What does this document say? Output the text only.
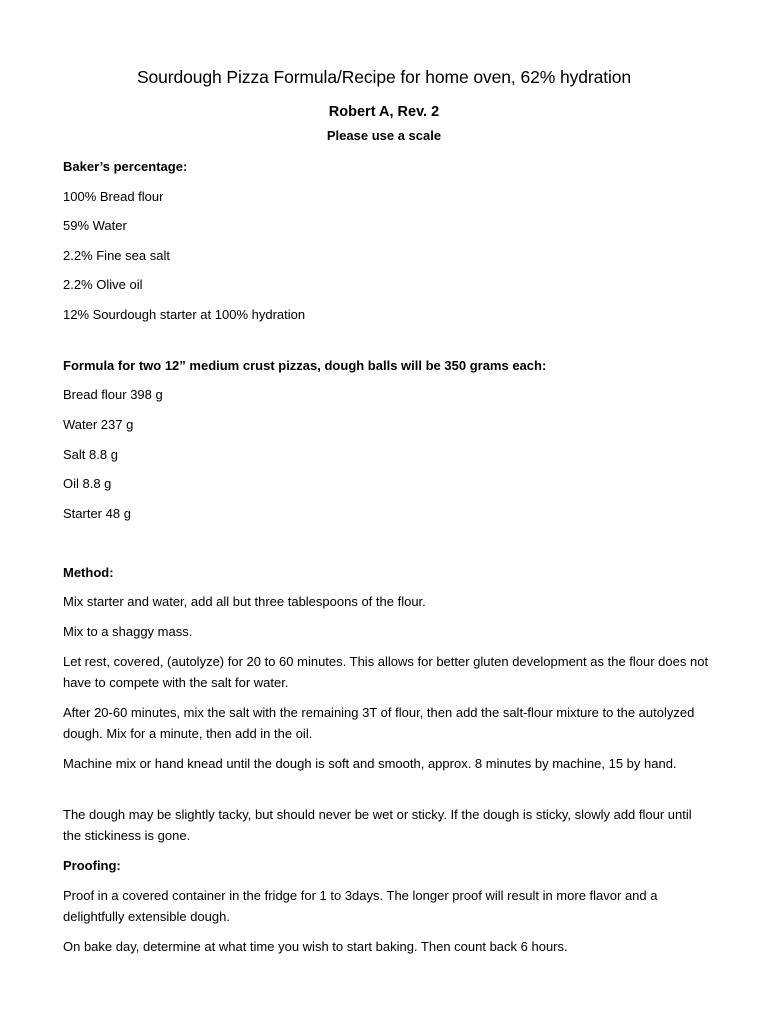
Sourdough Pizza Formula/Recipe for home oven, 62% hydration
Robert A, Rev. 2
Please use a scale
Baker’s percentage:
100% Bread flour
59% Water
2.2% Fine sea salt
2.2% Olive oil
12% Sourdough starter at 100% hydration
Formula for two 12” medium crust pizzas, dough balls will be 350 grams each:
Bread flour 398 g
Water 237 g
Salt 8.8 g
Oil 8.8 g
Starter 48 g
Method:
Mix starter and water, add all but three tablespoons of the flour.
Mix to a shaggy mass.
Let rest, covered, (autolyze) for 20 to 60 minutes. This allows for better gluten development as the flour does not have to compete with the salt for water.
After 20-60 minutes, mix the salt with the remaining 3T of flour, then add the salt-flour mixture to the autolyzed dough. Mix for a minute, then add in the oil.
Machine mix or hand knead until the dough is soft and smooth, approx. 8 minutes by machine, 15 by hand.
The dough may be slightly tacky, but should never be wet or sticky. If the dough is sticky, slowly add flour until the stickiness is gone.
Proofing:
Proof in a covered container in the fridge for 1 to 3days. The longer proof will result in more flavor and a delightfully extensible dough.
On bake day, determine at what time you wish to start baking. Then count back 6 hours.
